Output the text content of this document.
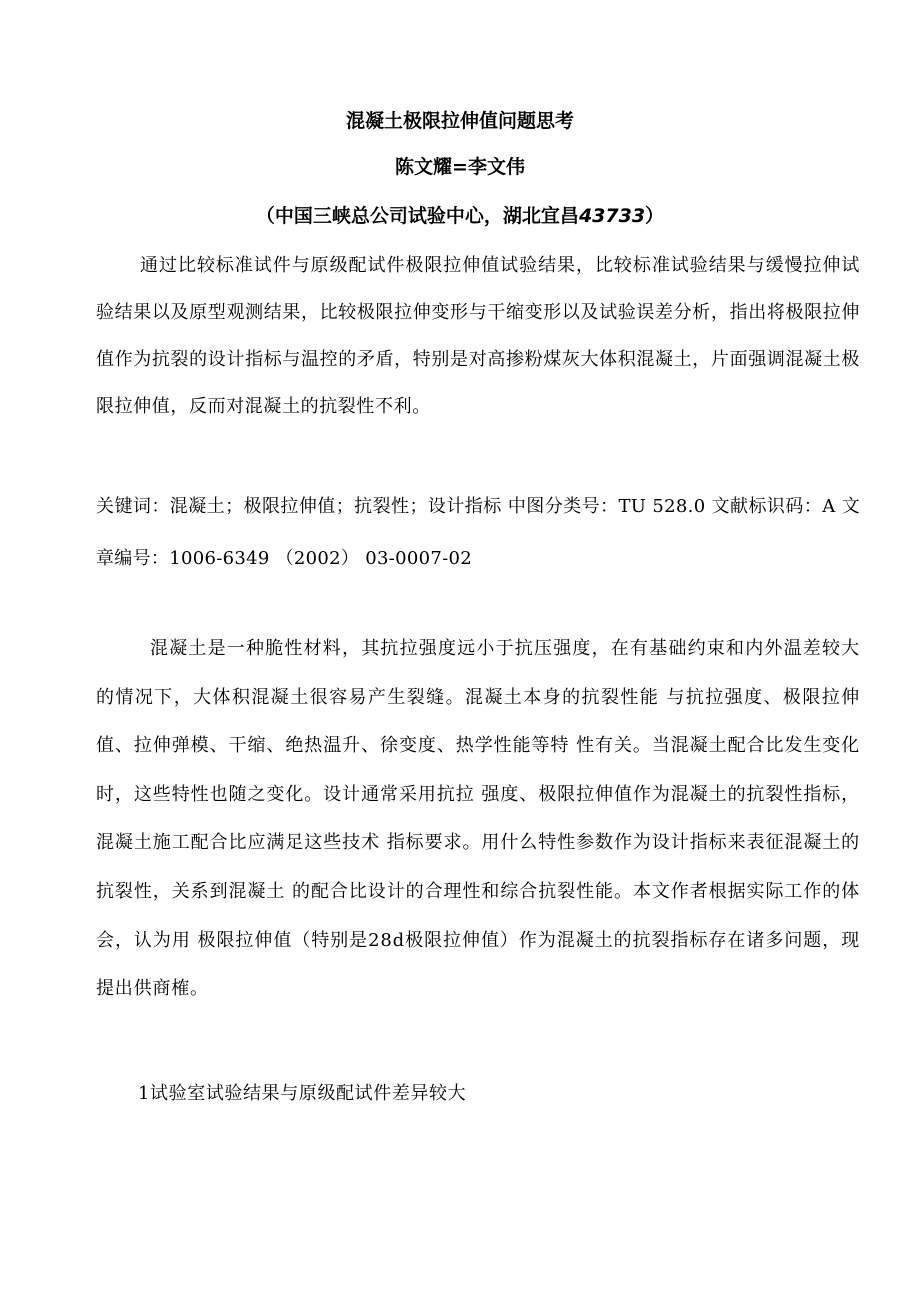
混凝土极限拉伸值问题思考
陈文耀=李文伟
（中国三峡总公司试验中心，湖北宜昌43733）

通过比较标准试件与原级配试件极限拉伸值试验结果，比较标准试验结果与缓慢拉伸试验结果以及原型观测结果，比较极限拉伸变形与干缩变形以及试验误差分析，指出将极限拉伸值作为抗裂的设计指标与温控的矛盾，特别是对高掺粉煤灰大体积混凝土，片面强调混凝土极限拉伸值，反而对混凝土的抗裂性不利。

关键词：混凝土；极限拉伸值；抗裂性；设计指标 中图分类号：TU 528.0 文献标识码：A 文章编号：1006-6349 （2002） 03-0007-02

混凝土是一种脆性材料，其抗拉强度远小于抗压强度，在有基础约束和内外温差较大的情况下，大体积混凝土很容易产生裂缝。混凝土本身的抗裂性能 与抗拉强度、极限拉伸值、拉伸弹模、干缩、绝热温升、徐变度、热学性能等特 性有关。当混凝土配合比发生变化时，这些特性也随之变化。设计通常采用抗拉 强度、极限拉伸值作为混凝土的抗裂性指标，混凝土施工配合比应满足这些技术 指标要求。用什么特性参数作为设计指标来表征混凝土的抗裂性，关系到混凝土 的配合比设计的合理性和综合抗裂性能。本文作者根据实际工作的体会，认为用 极限拉伸值（特别是28d极限拉伸值）作为混凝土的抗裂指标存在诸多问题，现 提出供商榷。

1试验室试验结果与原级配试件差异较大
